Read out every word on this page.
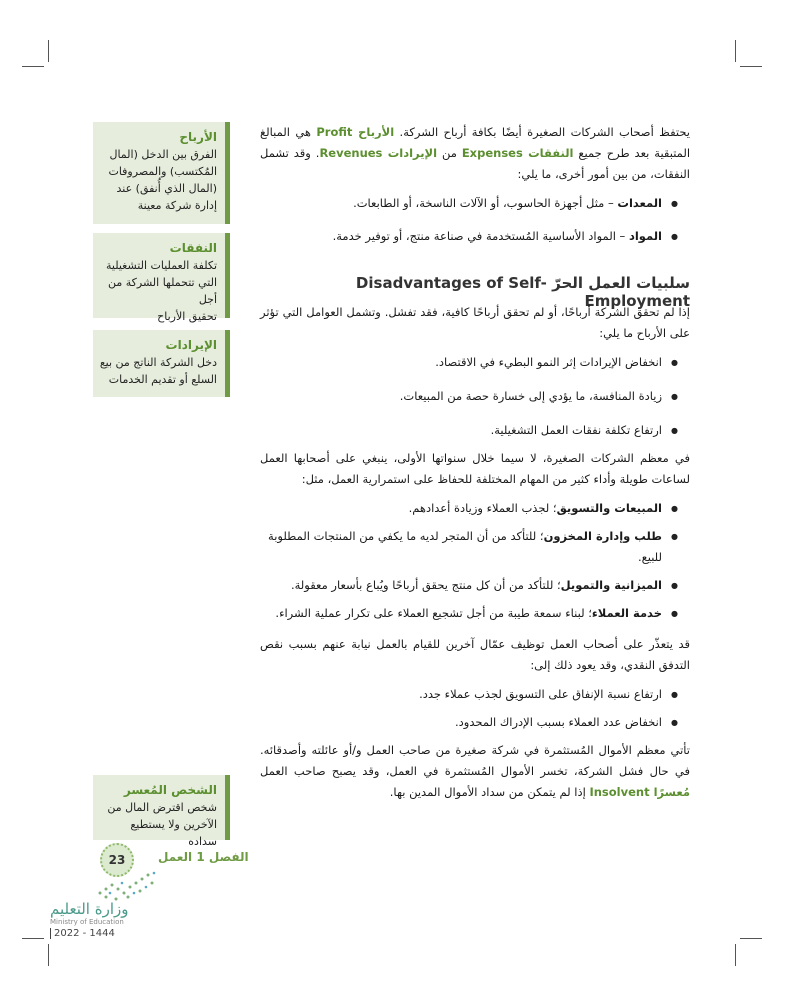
الأرباح
الفرق بين الدخل (المال
المُكتسب) والمصروفات
(المال الذي أُنفق) عند
إدارة شركة معينة
النفقات
تكلفة العمليات التشغيلية
التي تتحملها الشركة من أجل
تحقيق الأرباح
الإيرادات
دخل الشركة الناتج من بيع
السلع أو تقديم الخدمات
الشخص المُعسر
شخص اقترض المال من
الآخرين ولا يستطيع سداده

يحتفظ أصحاب الشركات الصغيرة أيضًا بكافة أرباح الشركة. الأرباح Profit هي المبالغ المتبقية بعد طرح جميع النفقات Expenses من الإيرادات Revenues. وقد تشمل النفقات، من بين أمور أخرى، ما يلي:

● المعدات – مثل أجهزة الحاسوب، أو الآلات الناسخة، أو الطابعات.
● المواد – المواد الأساسية المُستخدمة في صناعة منتج، أو توفير خدمة.
سلبيات العمل الحرّ Disadvantages of Self-Employment

إذا لم تحقق الشركة أرباحًا، أو لم تحقق أرباحًا كافية، فقد تفشل. وتشمل العوامل التي تؤثر على الأرباح ما يلي:

● انخفاض الإيرادات إثر النمو البطيء في الاقتصاد.
● زيادة المنافسة، ما يؤدي إلى خسارة حصة من المبيعات.
● ارتفاع تكلفة نفقات العمل التشغيلية.

في معظم الشركات الصغيرة، لا سيما خلال سنواتها الأولى، ينبغي على أصحابها العمل لساعات طويلة وأداء كثير من المهام المختلفة للحفاظ على استمرارية العمل، مثل:

● المبيعات والتسويق؛ لجذب العملاء وزيادة أعدادهم.
● طلب وإدارة المخزون؛ للتأكد من أن المتجر لديه ما يكفي من المنتجات المطلوبة للبيع.
● الميزانية والتمويل؛ للتأكد من أن كل منتج يحقق أرباحًا ويُباع بأسعار معقولة.
● خدمة العملاء؛ لبناء سمعة طيبة من أجل تشجيع العملاء على تكرار عملية الشراء.

قد يتعذّر على أصحاب العمل توظيف عمّال آخرين للقيام بالعمل نيابة عنهم بسبب نقص التدفق النقدي، وقد يعود ذلك إلى:

● ارتفاع نسبة الإنفاق على التسويق لجذب عملاء جدد.
● انخفاض عدد العملاء بسبب الإدراك المحدود.

تأتي معظم الأموال المُستثمرة في شركة صغيرة من صاحب العمل و/أو عائلته وأصدقائه. في حال فشل الشركة، تخسر الأموال المُستثمرة في العمل، وقد يصبح صاحب العمل مُعسرًا Insolvent إذا لم يتمكن من سداد الأموال المدين بها.

الفصل 1 العمل
23
وزارة التعليم
Ministry of Education
2022 - 1444
